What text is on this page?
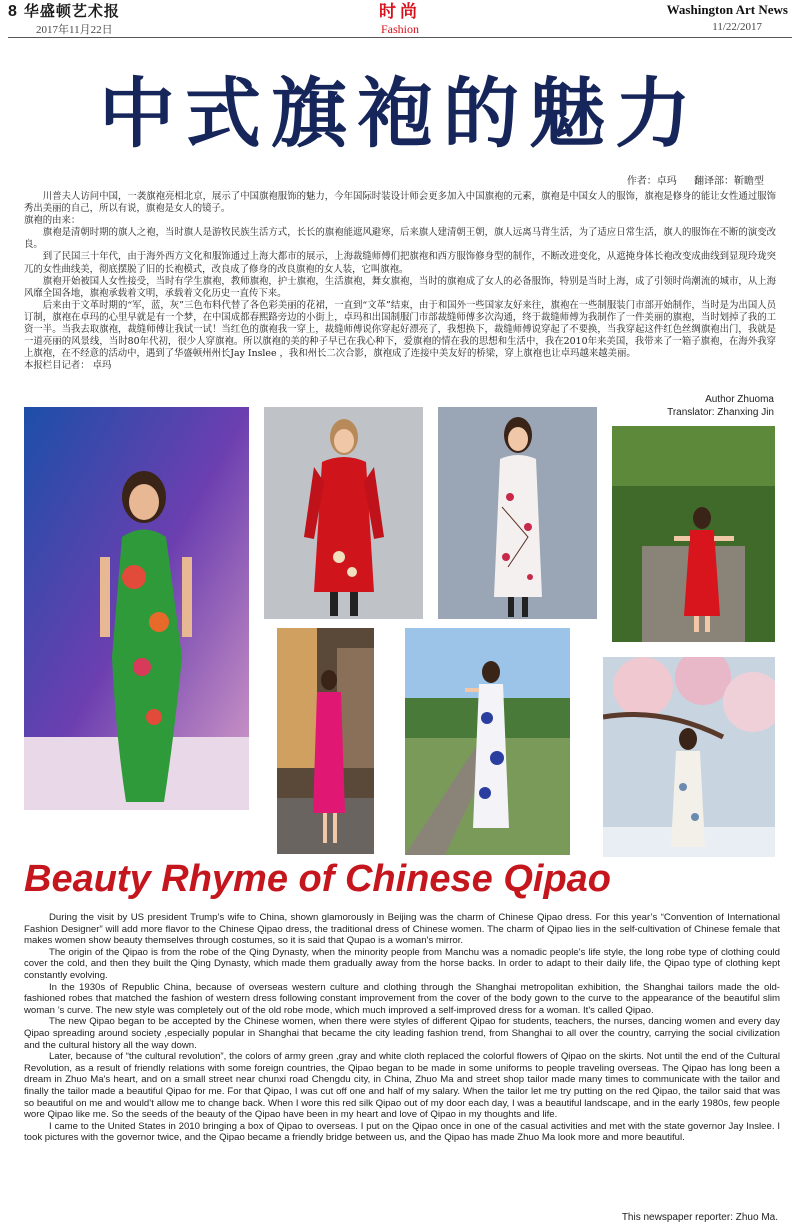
8 华盛顿艺术报
2017年11月22日
时尚
Fashion
Washington Art News
11/22/2017
中式旗袍的魅力
作者：卓玛 翻译部：靳瞻型

川普夫人访问中国，一袭旗袍亮相北京，展示了中国旗袍服饰的魅力，今年国际时装设计师会更多加入中国旗袍的元素，旗袍是中国女人的服饰，旗袍是修身的能让女性通过服饰秀出美丽的自己，所以有说，旗袍是女人的镜子。

旗袍的由来：

旗袍是清朝时期的旗人之袍，当时旗人是游牧民族生活方式，长长的旗袍能遮风避寒，后来旗人建清朝王朝，旗人远离马背生活，为了适应日常生活，旗人的服饰在不断的演变改良。

到了民国三十年代，由于海外西方文化和服饰通过上海大都市的展示，上海裁缝师傅们把旗袍和西方服饰修身型的制作，不断改进变化，从遮掩身体长袍改变成曲线到显现玲珑突兀的女性曲线美，彻底摆脱了旧的长袍模式，改良成了修身的改良旗袍的女人装，它叫旗袍。

旗袍开始被国人女性接受，当时有学生旗袍，教师旗袍，护士旗袍，生活旗袍，舞女旗袍，当时的旗袍成了女人的必备服饰，特别是当时上海，成了引领时尚潮流的城市，从上海风靡全国各地，旗袍承载着文明，承载着文化历史一直传下来。

后来由于文革时期的“军，蓝，灰”三色布料代替了各色彩美丽的花裙，一直到“文革”结束，由于和国外一些国家友好来往，旗袍在一些制服装门市部开始制作，当时是为出国人员订制，旗袍在卓玛的心里早就是有一个梦，在中国成都春熙路旁边的小街上，卓玛和出国制服门市部裁缝师傅多次沟通，终于裁缝师傅为我制作了一件美丽的旗袍，当时划掉了我的工资一半。当我去取旗袍，裁缝师傅让我试一试！当红色的旗袍我一穿上，裁缝师傅说你穿起好漂亮了，我想换下，裁缝师傅说穿起了不要换，当我穿起这件红色丝绸旗袍出门，我就是一道亮丽的风景线，当时80年代初，很少人穿旗袍。所以旗袍的美的种子早已在我心种下，爱旗袍的情在我的思想和生活中，我在2010年来美国，我带来了一箱子旗袍，在海外我穿上旗袍，在不经意的活动中，遇到了华盛顿州州长Jay Inslee ，我和州长二次合影，旗袍成了连接中美友好的桥梁，穿上旗袍也让卓玛越来越美丽。

本报栏目记者： 卓玛

Author Zhuoma
Translator: Zhanxing Jin
Beauty Rhyme of Chinese Qipao

During the visit by US president Trump’s wife to China, shown glamorously in Beijing was the charm of Chinese Qipao dress. For this year’s “Convention of International Fashion Designer” will add more flavor to the Chinese Qipao dress, the traditional dress of Chinese women. The charm of Qipao lies in the self-cultivation of Chinese female that makes women show beauty themselves through costumes, so it is said that Qupao is a woman's mirror.

The origin of the Qipao is from the robe of the Qing Dynasty, when the minority people from Manchu was a nomadic people's life style, the long robe type of clothing could cover the cold, and then they built the Qing Dynasty, which made them gradually away from the horse backs. In order to adapt to their daily life, the Qipao type of clothing kept constantly evolving.

In the 1930s of Republic China, because of overseas western culture and clothing through the Shanghai metropolitan exhibition, the Shanghai tailors made the old-fashioned robes that matched the fashion of western dress following constant improvement from the cover of the body gown to the curve to the appearance of the beautiful slim woman ’s curve. The new style was completely out of the old robe mode, which much improved a self-improved dress for a woman. It's called Qipao.

The new Qipao began to be accepted by the Chinese women, when there were styles of different Qipao for students, teachers, the nurses, dancing women and every day Qipao spreading around society ,especially popular in Shanghai that became the city leading fashion trend, from Shanghai to all over the country, carrying the social civilization and the cultural history all the way down.

Later, because of “the cultural revolution”, the colors of army green ,gray and white cloth replaced the colorful flowers of Qipao on the skirts. Not until the end of the Cultural Revolution, as a result of friendly relations with some foreign countries, the Qipao began to be made in some uniforms to people traveling overseas. The Qipao has long been a dream in Zhuo Ma's heart, and on a small street near chunxi road Chengdu city, in China, Zhuo Ma and street shop tailor made many times to communicate with the tailor and finally the tailor made a beautiful Qipao for me. For that Qipao, I was cut off one and half of my salary. When the tailor let me try putting on the red Qipao, the tailor said that was so beautiful on me and would’t allow me to change back. When I wore this red silk Qipao out of my door each day, I was a beautiful landscape, and in the early 1980s, few people wore Qipao like me. So the seeds of the beauty of the Qipao have been in my heart and love of Qipao in my thoughts and life.

I came to the United States in 2010 bringing a box of Qipao to overseas. I put on the Qipao once in one of the casual activities and met with the state governor Jay Inslee. I took pictures with the governor twice, and the Qipao became a friendly bridge between us, and the Qipao has made Zhuo Ma look more and more beautiful.

This newspaper reporter: Zhuo Ma.
